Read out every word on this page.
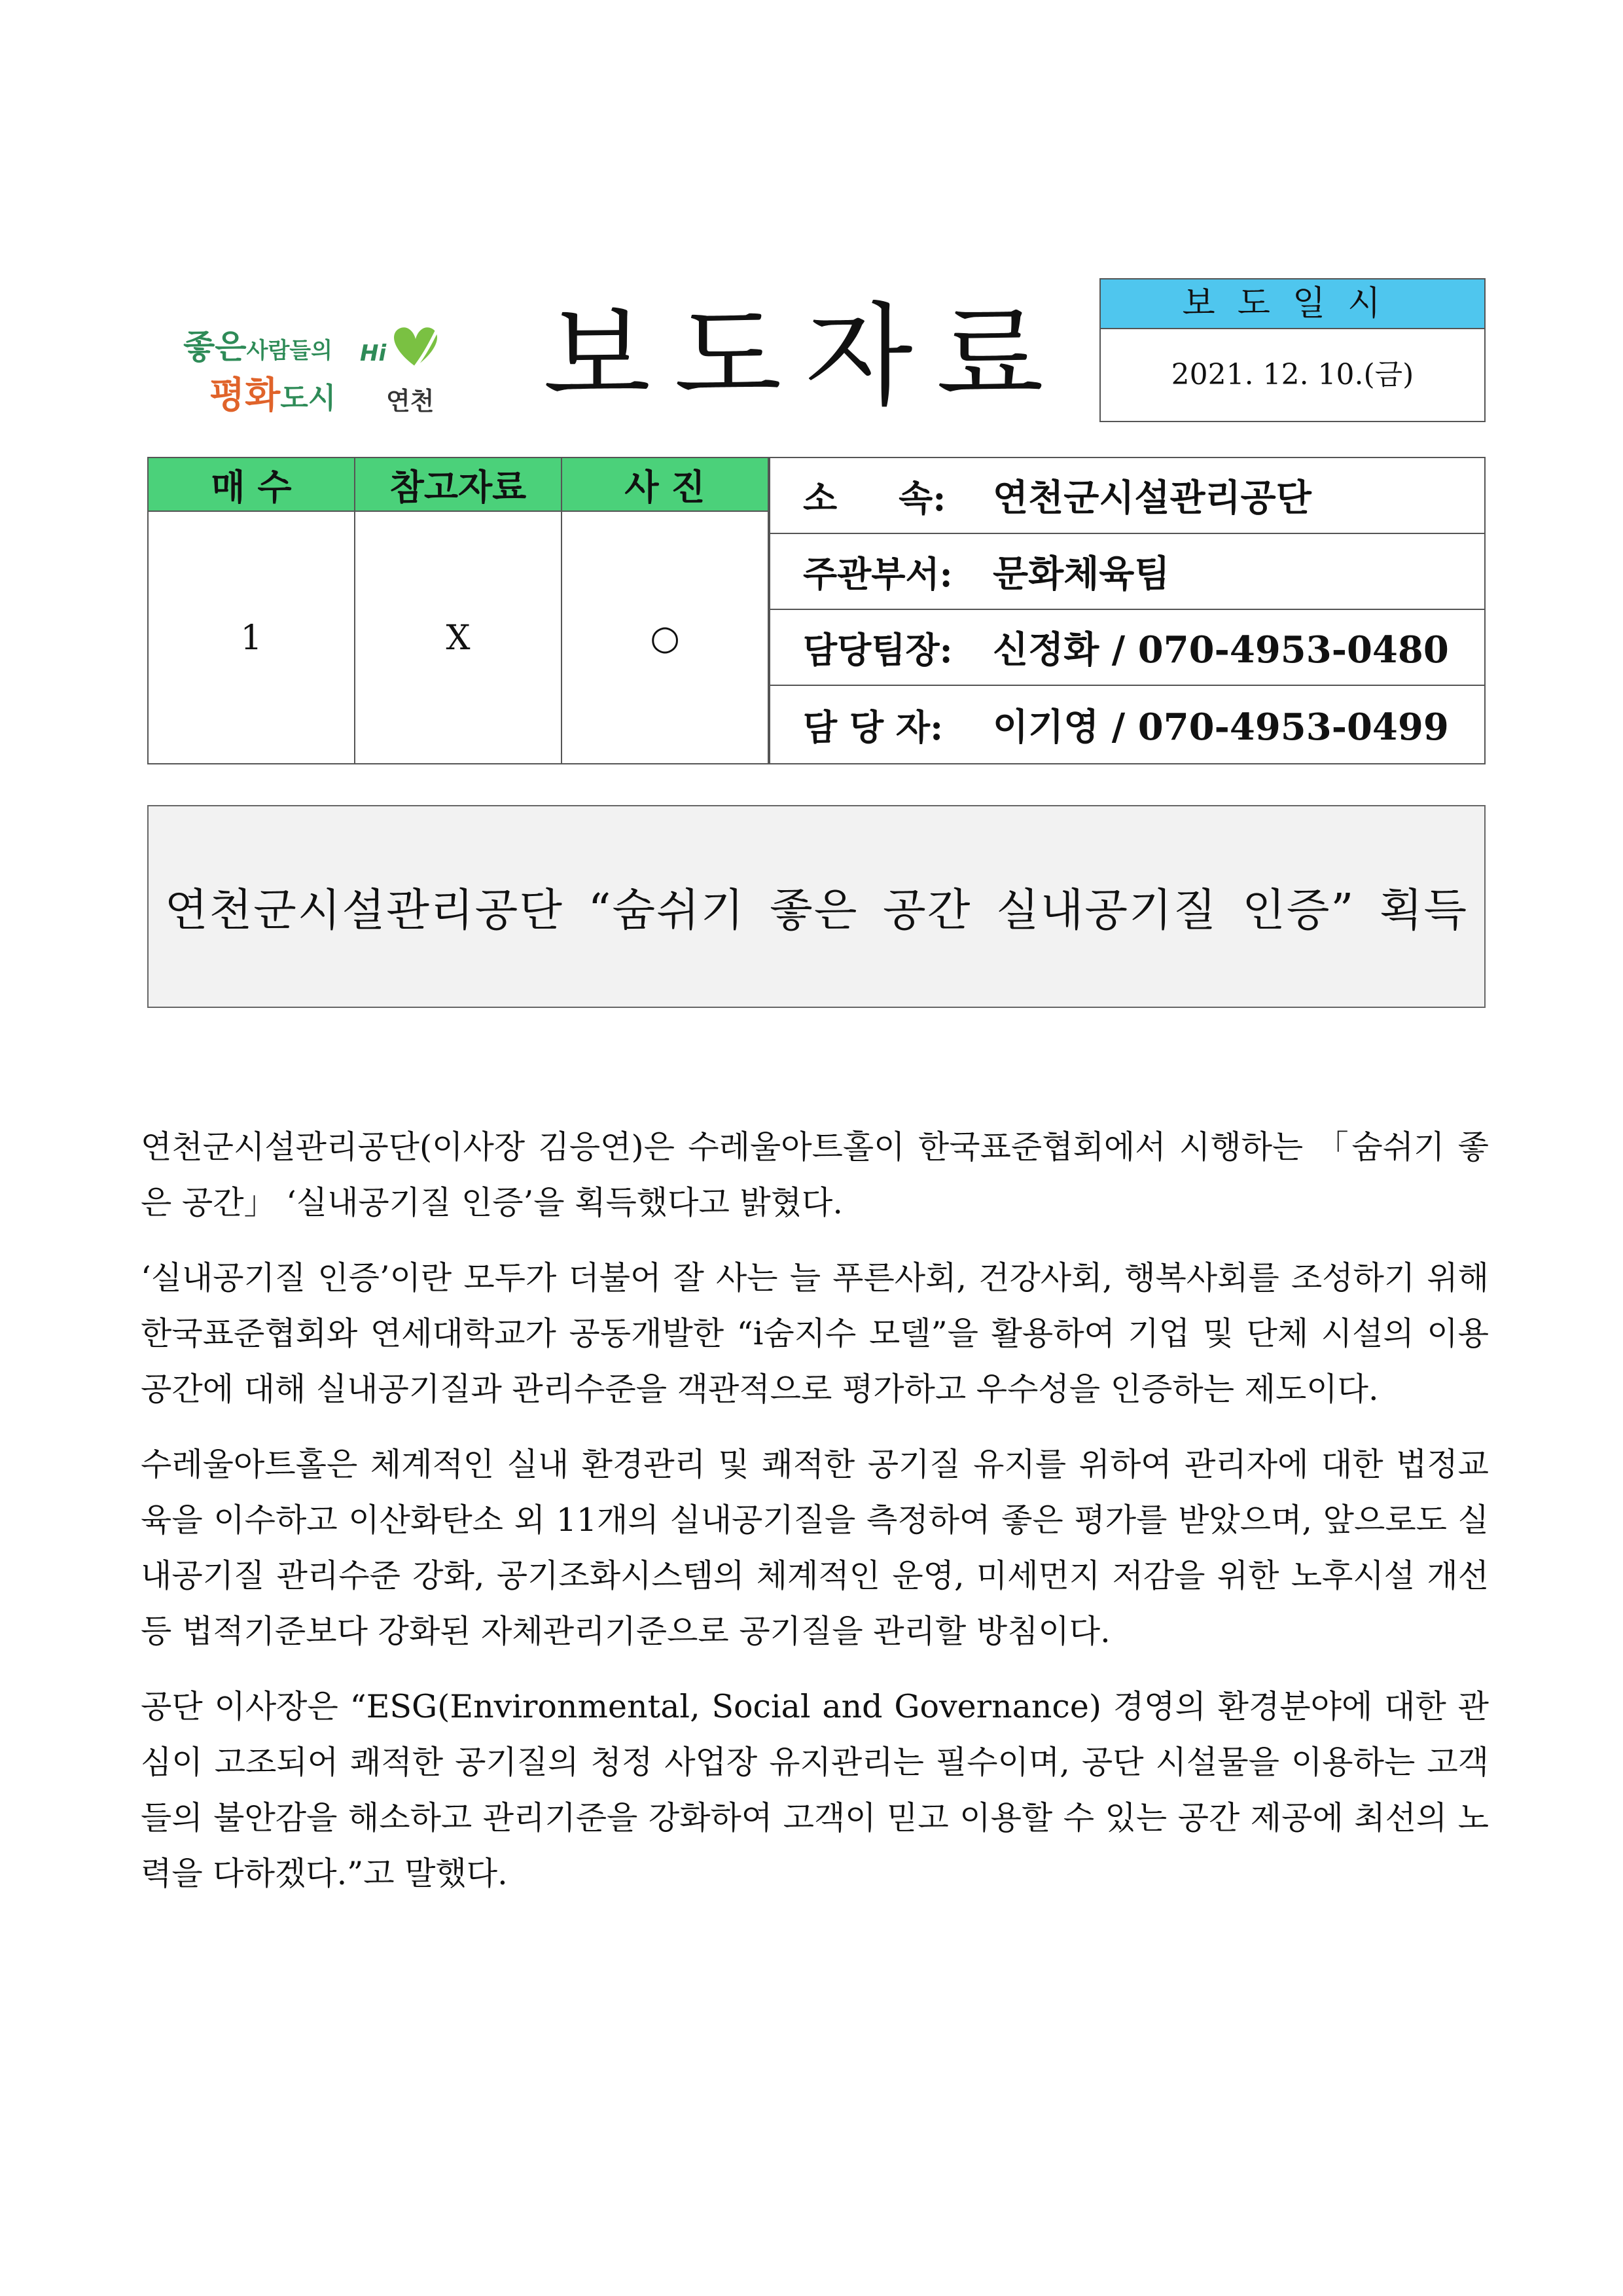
좋은사람들의
평화도시
Hi
연천 보도자료	보도일시
2021. 12. 10.(금)
매 수	참고자료	사 진
1	X	○
소     속:	연천군시설관리공단
주관부서:	문화체육팀
담당팀장:	신정화 / 070-4953-0480
담 당 자:	이기영 / 070-4953-0499
연천군시설관리공단 “숨쉬기 좋은 공간 실내공기질 인증” 획득

연천군시설관리공단(이사장 김응연)은 수레울아트홀이 한국표준협회에서 시행하는 「숨쉬기 좋은 공간」 ‘실내공기질 인증’을 획득했다고 밝혔다.

‘실내공기질 인증’이란 모두가 더불어 잘 사는 늘 푸른사회, 건강사회, 행복사회를 조성하기 위해 한국표준협회와 연세대학교가 공동개발한 “i숨지수 모델”을 활용하여 기업 및 단체 시설의 이용공간에 대해 실내공기질과 관리수준을 객관적으로 평가하고 우수성을 인증하는 제도이다.

수레울아트홀은 체계적인 실내 환경관리 및 쾌적한 공기질 유지를 위하여 관리자에 대한 법정교육을 이수하고 이산화탄소 외 11개의 실내공기질을 측정하여 좋은 평가를 받았으며, 앞으로도 실내공기질 관리수준 강화, 공기조화시스템의 체계적인 운영, 미세먼지 저감을 위한 노후시설 개선 등 법적기준보다 강화된 자체관리기준으로 공기질을 관리할 방침이다.

공단 이사장은 “ESG(Environmental, Social and Governance) 경영의 환경분야에 대한 관심이 고조되어 쾌적한 공기질의 청정 사업장 유지관리는 필수이며, 공단 시설물을 이용하는 고객들의 불안감을 해소하고 관리기준을 강화하여 고객이 믿고 이용할 수 있는 공간 제공에 최선의 노력을 다하겠다.”고 말했다.
